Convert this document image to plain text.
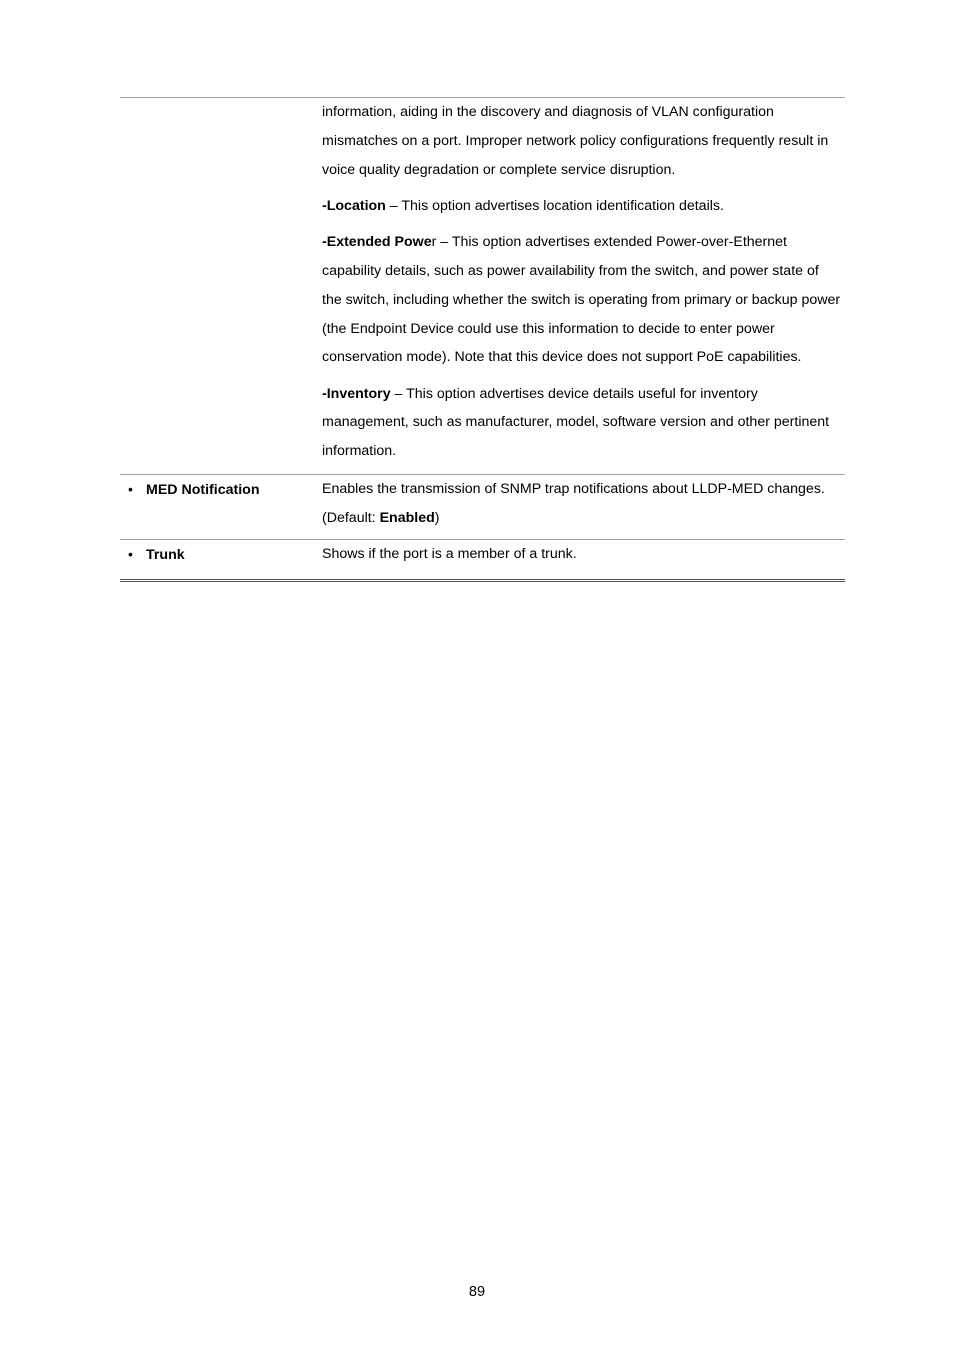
information, aiding in the discovery and diagnosis of VLAN configuration mismatches on a port. Improper network policy configurations frequently result in voice quality degradation or complete service disruption.

-Location – This option advertises location identification details.

-Extended Power – This option advertises extended Power-over-Ethernet capability details, such as power availability from the switch, and power state of the switch, including whether the switch is operating from primary or backup power (the Endpoint Device could use this information to decide to enter power conservation mode). Note that this device does not support PoE capabilities.

-Inventory – This option advertises device details useful for inventory management, such as manufacturer, model, software version and other pertinent information.

• MED Notification	Enables the transmission of SNMP trap notifications about LLDP-MED changes.
(Default: Enabled)

• Trunk	Shows if the port is a member of a trunk.

89
